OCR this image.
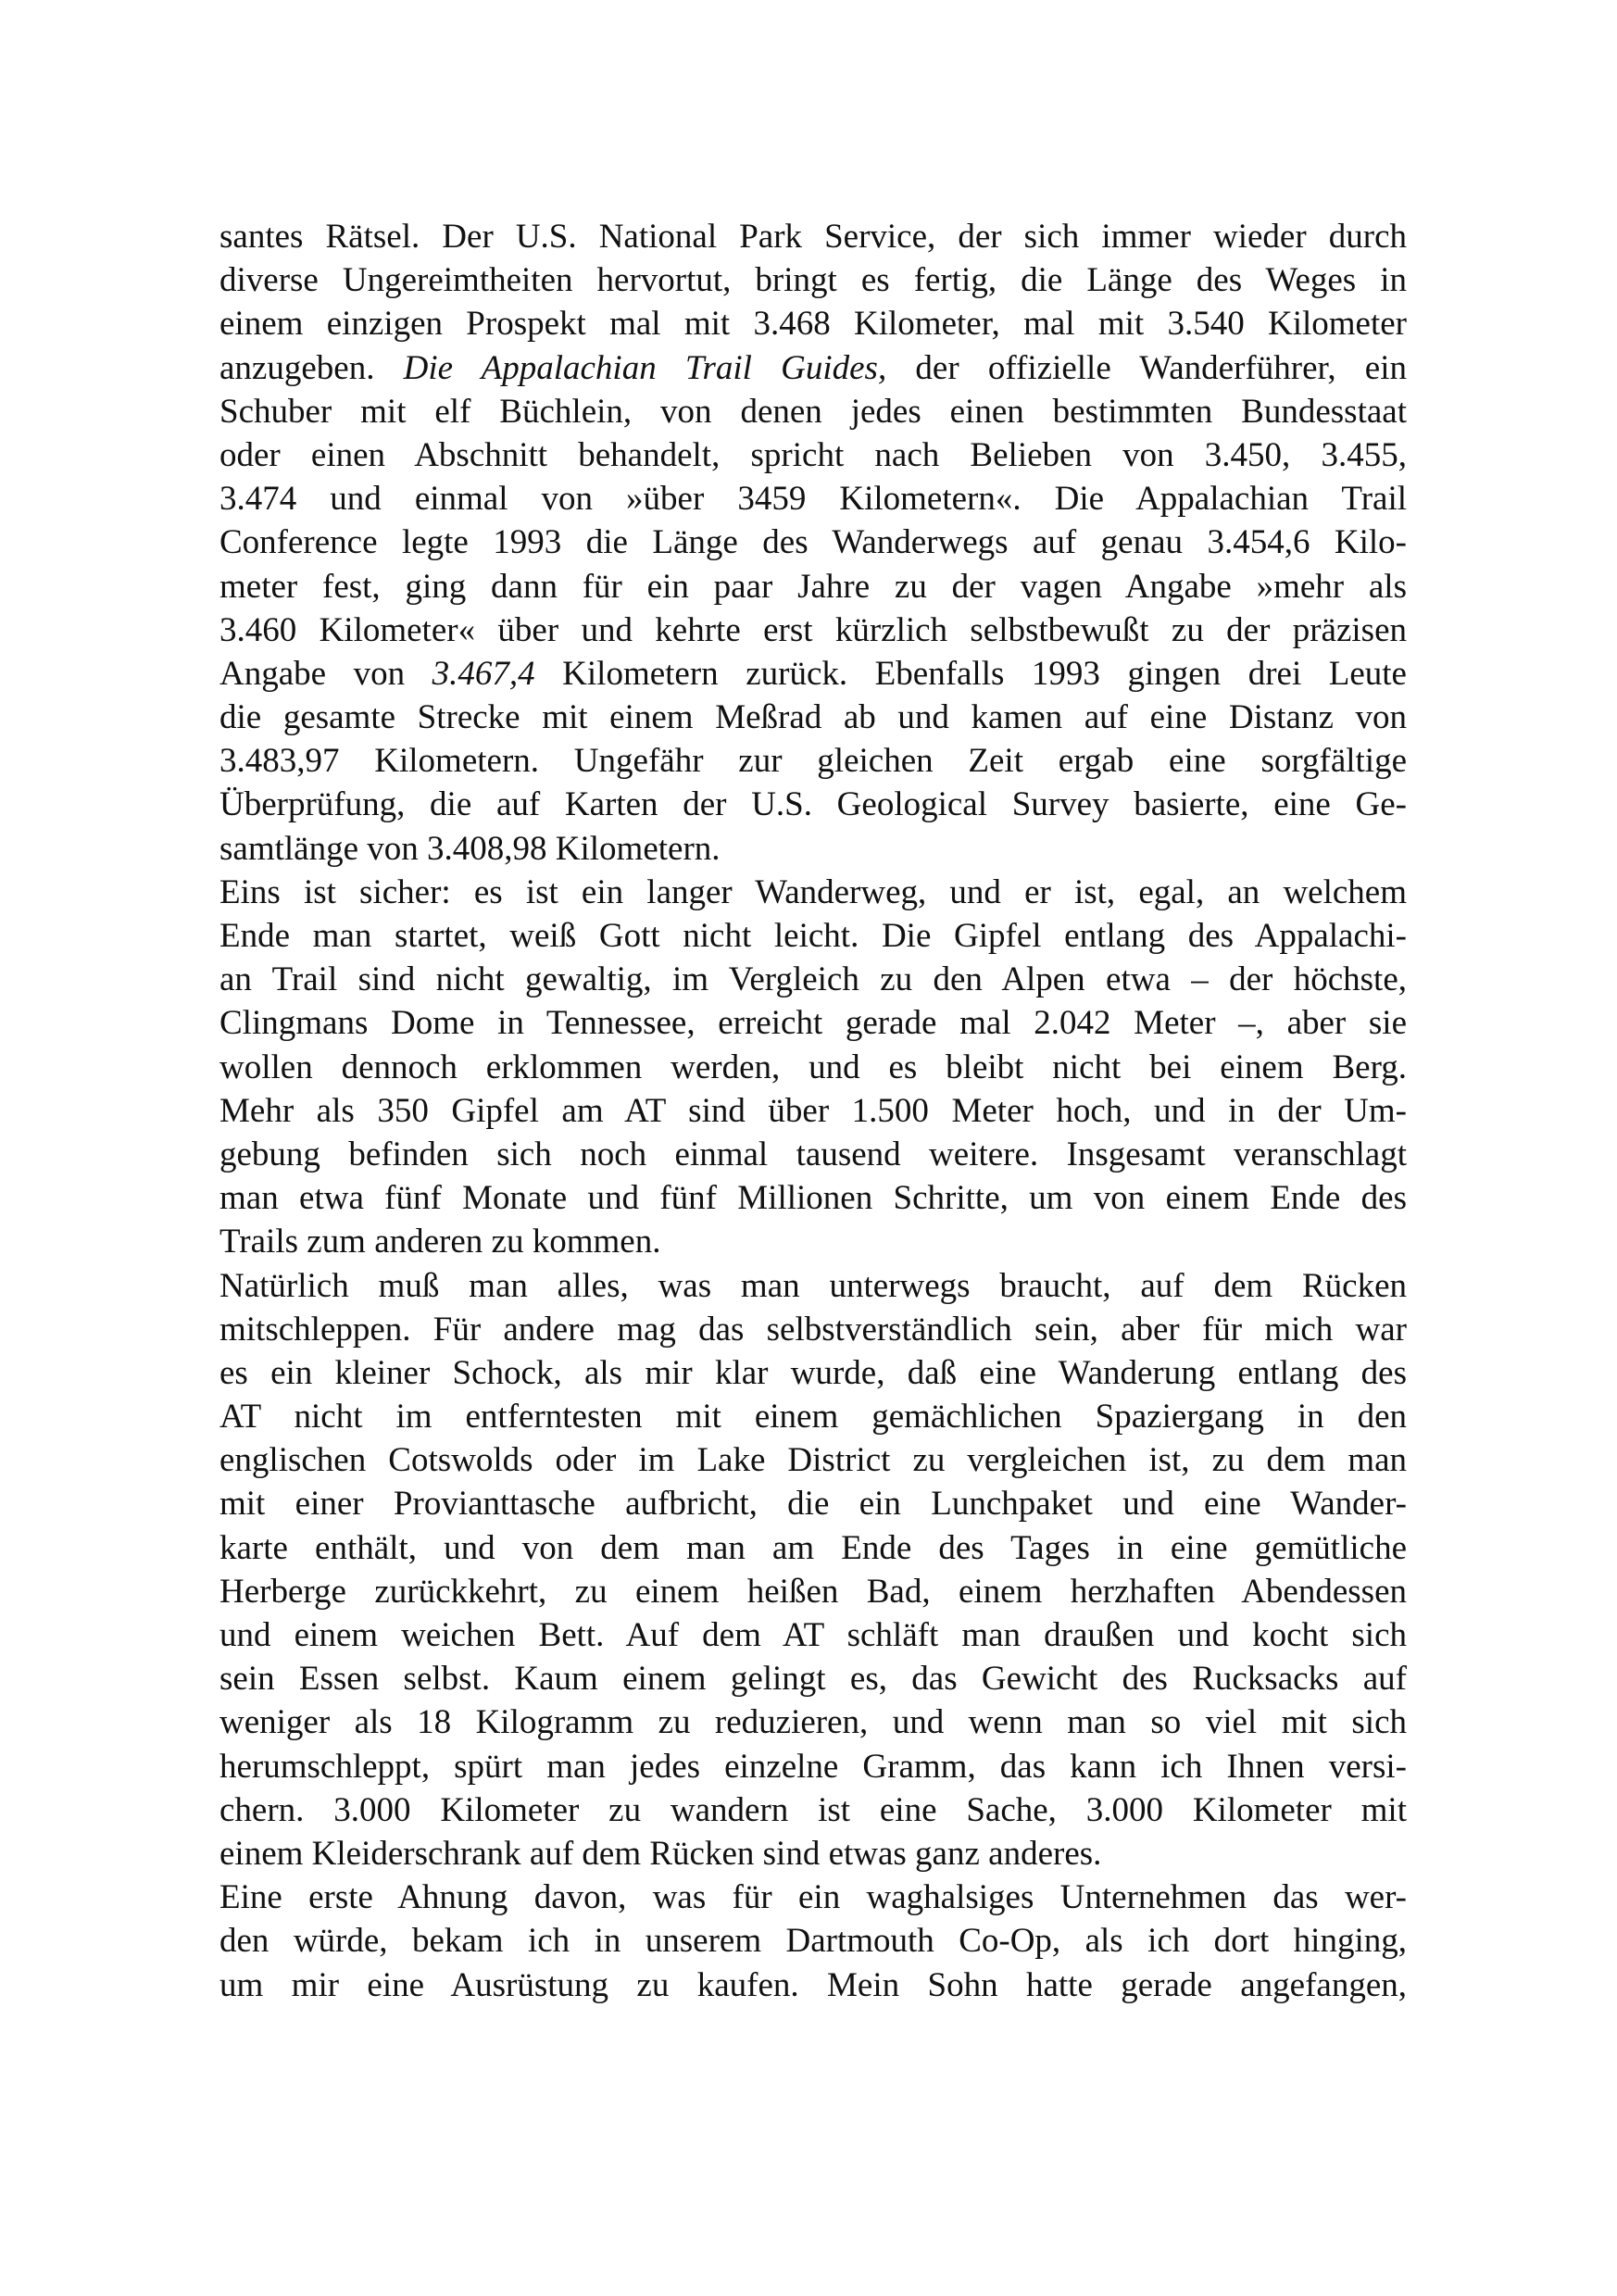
santes Rätsel. Der U.S. National Park Service, der sich immer wieder durch
diverse Ungereimtheiten hervortut, bringt es fertig, die Länge des Weges in
einem einzigen Prospekt mal mit 3.468 Kilometer, mal mit 3.540 Kilometer
anzugeben. Die Appalachian Trail Guides, der offizielle Wanderführer, ein
Schuber mit elf Büchlein, von denen jedes einen bestimmten Bundesstaat
oder einen Abschnitt behandelt, spricht nach Belieben von 3.450, 3.455,
3.474 und einmal von »über 3459 Kilometern«. Die Appalachian Trail
Conference legte 1993 die Länge des Wanderwegs auf genau 3.454,6 Kilo-
meter fest, ging dann für ein paar Jahre zu der vagen Angabe »mehr als
3.460 Kilometer« über und kehrte erst kürzlich selbstbewußt zu der präzisen
Angabe von 3.467,4 Kilometern zurück. Ebenfalls 1993 gingen drei Leute
die gesamte Strecke mit einem Meßrad ab und kamen auf eine Distanz von
3.483,97 Kilometern. Ungefähr zur gleichen Zeit ergab eine sorgfältige
Überprüfung, die auf Karten der U.S. Geological Survey basierte, eine Ge-
samtlänge von 3.408,98 Kilometern.

Eins ist sicher: es ist ein langer Wanderweg, und er ist, egal, an welchem
Ende man startet, weiß Gott nicht leicht. Die Gipfel entlang des Appalachi-
an Trail sind nicht gewaltig, im Vergleich zu den Alpen etwa – der höchste,
Clingmans Dome in Tennessee, erreicht gerade mal 2.042 Meter –, aber sie
wollen dennoch erklommen werden, und es bleibt nicht bei einem Berg.
Mehr als 350 Gipfel am AT sind über 1.500 Meter hoch, und in der Um-
gebung befinden sich noch einmal tausend weitere. Insgesamt veranschlagt
man etwa fünf Monate und fünf Millionen Schritte, um von einem Ende des
Trails zum anderen zu kommen.

Natürlich muß man alles, was man unterwegs braucht, auf dem Rücken
mitschleppen. Für andere mag das selbstverständlich sein, aber für mich war
es ein kleiner Schock, als mir klar wurde, daß eine Wanderung entlang des
AT nicht im entferntesten mit einem gemächlichen Spaziergang in den
englischen Cotswolds oder im Lake District zu vergleichen ist, zu dem man
mit einer Provianttasche aufbricht, die ein Lunchpaket und eine Wander-
karte enthält, und von dem man am Ende des Tages in eine gemütliche
Herberge zurückkehrt, zu einem heißen Bad, einem herzhaften Abendessen
und einem weichen Bett. Auf dem AT schläft man draußen und kocht sich
sein Essen selbst. Kaum einem gelingt es, das Gewicht des Rucksacks auf
weniger als 18 Kilogramm zu reduzieren, und wenn man so viel mit sich
herumschleppt, spürt man jedes einzelne Gramm, das kann ich Ihnen versi-
chern. 3.000 Kilometer zu wandern ist eine Sache, 3.000 Kilometer mit
einem Kleiderschrank auf dem Rücken sind etwas ganz anderes.

Eine erste Ahnung davon, was für ein waghalsiges Unternehmen das wer-
den würde, bekam ich in unserem Dartmouth Co-Op, als ich dort hinging,
um mir eine Ausrüstung zu kaufen. Mein Sohn hatte gerade angefangen,
